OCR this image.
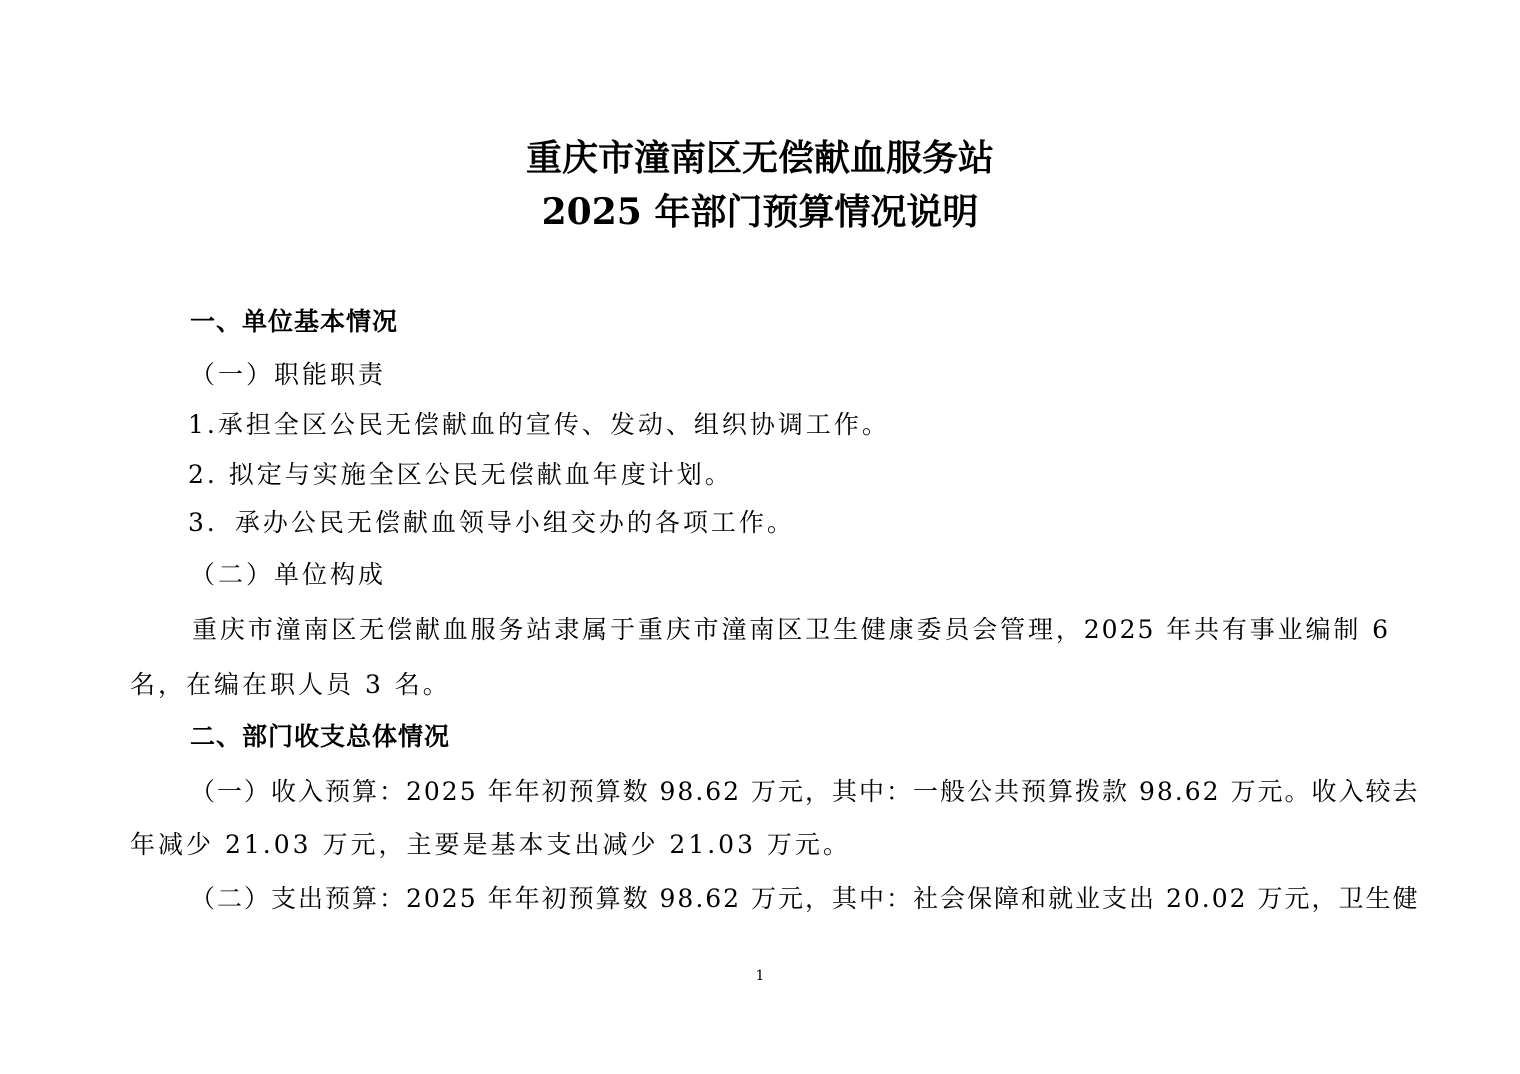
重庆市潼南区无偿献血服务站
2025 年部门预算情况说明
一、单位基本情况
（一）职能职责
1.承担全区公民无偿献血的宣传、发动、组织协调工作。
2. 拟定与实施全区公民无偿献血年度计划。
3．承办公民无偿献血领导小组交办的各项工作。
（二）单位构成
重庆市潼南区无偿献血服务站隶属于重庆市潼南区卫生健康委员会管理，2025 年共有事业编制 6
名，在编在职人员 3 名。
二、部门收支总体情况
（一）收入预算：2025 年年初预算数 98.62 万元，其中：一般公共预算拨款 98.62 万元。收入较去
年减少 21.03 万元，主要是基本支出减少 21.03 万元。
（二）支出预算：2025 年年初预算数 98.62 万元，其中：社会保障和就业支出 20.02 万元，卫生健
1
